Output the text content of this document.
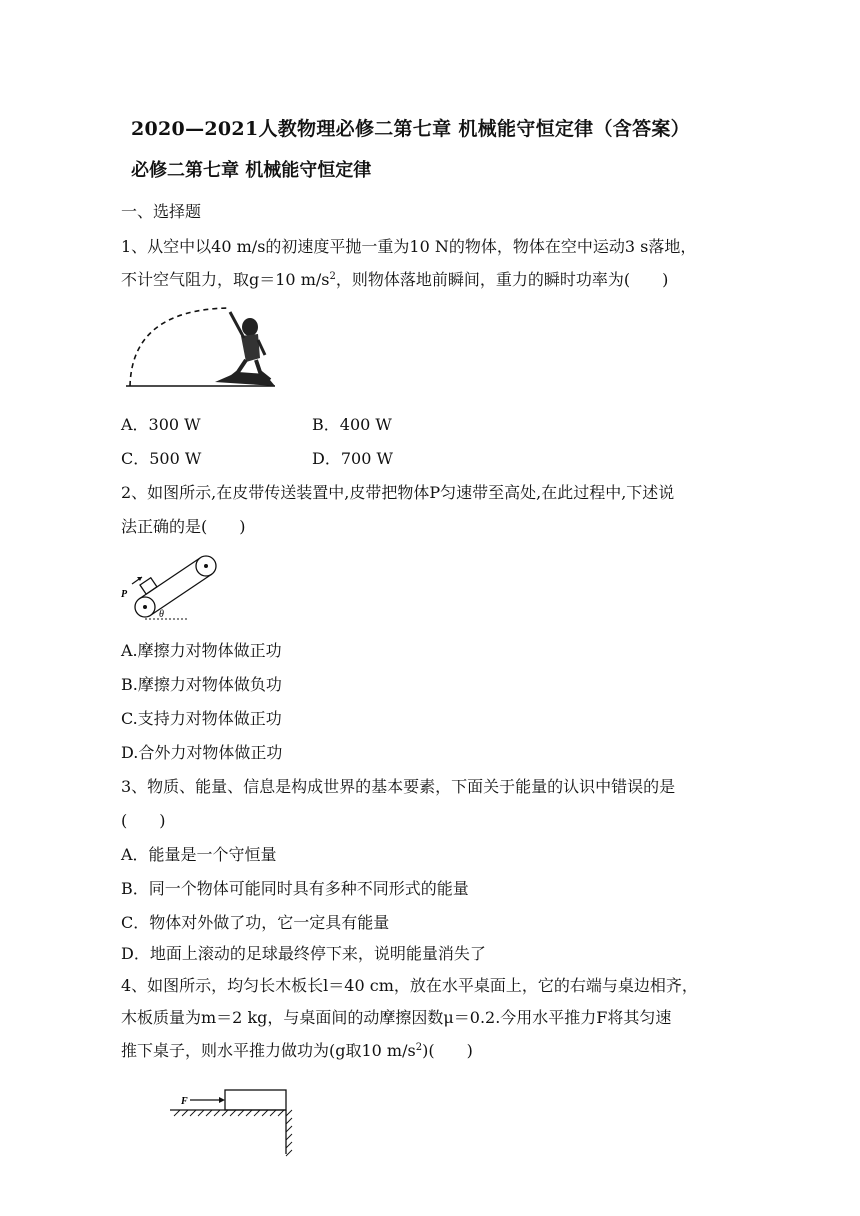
2020—2021人教物理必修二第七章 机械能守恒定律（含答案）
必修二第七章 机械能守恒定律
一、选择题
1、从空中以40 m/s的初速度平抛一重为10 N的物体，物体在空中运动3 s落地，
不计空气阻力，取g＝10 $m/s^2$，则物体落地前瞬间，重力的瞬时功率为(　　)
A．300 W	B．400 W
C．500 W	D．700 W
2、如图所示,在皮带传送装置中,皮带把物体P匀速带至高处,在此过程中,下述说
法正确的是(　　)
P
θ
A.摩擦力对物体做正功
B.摩擦力对物体做负功
C.支持力对物体做正功
D.合外力对物体做正功
3、物质、能量、信息是构成世界的基本要素，下面关于能量的认识中错误的是
(　　)
A．能量是一个守恒量
B．同一个物体可能同时具有多种不同形式的能量
C．物体对外做了功，它一定具有能量
D．地面上滚动的足球最终停下来，说明能量消失了
4、如图所示，均匀长木板长l＝40 cm，放在水平桌面上，它的右端与桌边相齐，
木板质量为m＝2 kg，与桌面间的动摩擦因数μ＝0.2.今用水平推力F将其匀速
推下桌子，则水平推力做功为(g取10 $m/s^2$)(　　)
F
